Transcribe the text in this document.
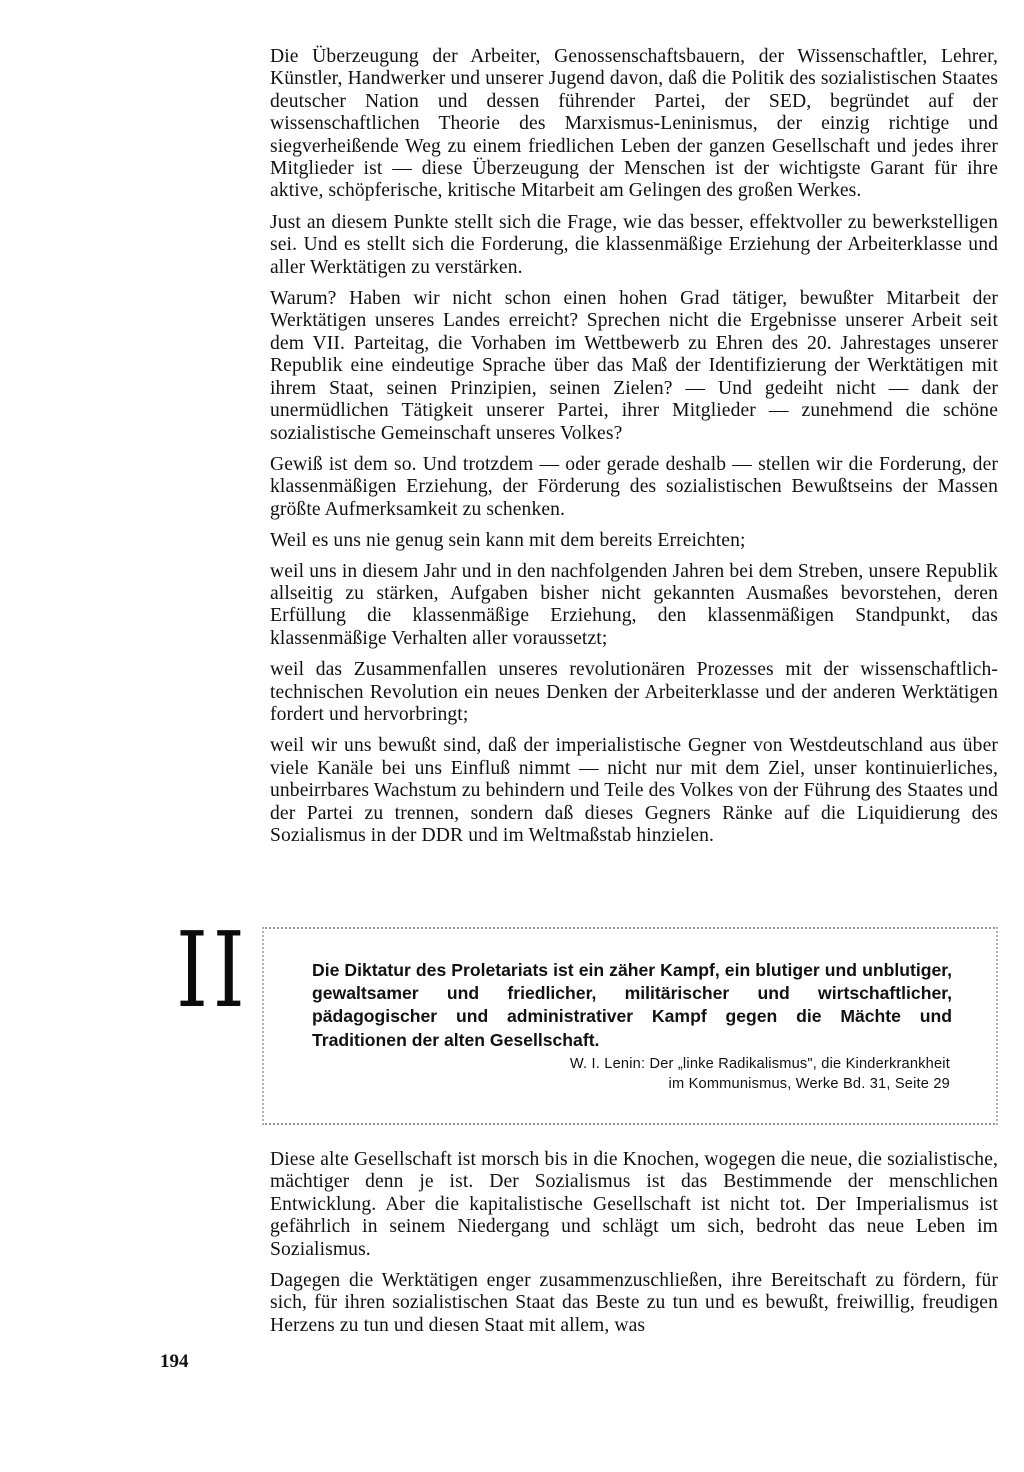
Die Überzeugung der Arbeiter, Genossenschaftsbauern, der Wissenschaftler, Lehrer, Künstler, Handwerker und unserer Jugend davon, daß die Politik des sozialistischen Staates deutscher Nation und dessen führender Partei, der SED, begründet auf der wissenschaftlichen Theorie des Marxismus-Leninismus, der einzig richtige und siegverheißende Weg zu einem friedlichen Leben der ganzen Gesellschaft und jedes ihrer Mitglieder ist — diese Überzeugung der Menschen ist der wichtigste Garant für ihre aktive, schöpferische, kritische Mitarbeit am Gelingen des großen Werkes.

Just an diesem Punkte stellt sich die Frage, wie das besser, effektvoller zu bewerkstelligen sei. Und es stellt sich die Forderung, die klassenmäßige Erziehung der Arbeiterklasse und aller Werktätigen zu verstärken.

Warum? Haben wir nicht schon einen hohen Grad tätiger, bewußter Mitarbeit der Werktätigen unseres Landes erreicht? Sprechen nicht die Ergebnisse unserer Arbeit seit dem VII. Parteitag, die Vorhaben im Wettbewerb zu Ehren des 20. Jahrestages unserer Republik eine eindeutige Sprache über das Maß der Identifizierung der Werktätigen mit ihrem Staat, seinen Prinzipien, seinen Zielen? — Und gedeiht nicht — dank der unermüdlichen Tätigkeit unserer Partei, ihrer Mitglieder — zunehmend die schöne sozialistische Gemeinschaft unseres Volkes?

Gewiß ist dem so. Und trotzdem — oder gerade deshalb — stellen wir die Forderung, der klassenmäßigen Erziehung, der Förderung des sozialistischen Bewußtseins der Massen größte Aufmerksamkeit zu schenken.

Weil es uns nie genug sein kann mit dem bereits Erreichten;

weil uns in diesem Jahr und in den nachfolgenden Jahren bei dem Streben, unsere Republik allseitig zu stärken, Aufgaben bisher nicht gekannten Ausmaßes bevorstehen, deren Erfüllung die klassenmäßige Erziehung, den klassenmäßigen Standpunkt, das klassenmäßige Verhalten aller voraussetzt;

weil das Zusammenfallen unseres revolutionären Prozesses mit der wissenschaftlich-technischen Revolution ein neues Denken der Arbeiterklasse und der anderen Werktätigen fordert und hervorbringt;

weil wir uns bewußt sind, daß der imperialistische Gegner von Westdeutschland aus über viele Kanäle bei uns Einfluß nimmt — nicht nur mit dem Ziel, unser kontinuierliches, unbeirrbares Wachstum zu behindern und Teile des Volkes von der Führung des Staates und der Partei zu trennen, sondern daß dieses Gegners Ränke auf die Liquidierung des Sozialismus in der DDR und im Weltmaßstab hinzielen.

II	Die Diktatur des Proletariats ist ein zäher Kampf, ein blutiger und unblutiger, gewaltsamer und friedlicher, militärischer und wirtschaftlicher, pädagogischer und administrativer Kampf gegen die Mächte und Traditionen der alten Gesellschaft.

W. I. Lenin: Der „linke Radikalismus", die Kinderkrankheit
im Kommunismus, Werke Bd. 31, Seite 29

Diese alte Gesellschaft ist morsch bis in die Knochen, wogegen die neue, die sozialistische, mächtiger denn je ist. Der Sozialismus ist das Bestimmende der menschlichen Entwicklung. Aber die kapitalistische Gesellschaft ist nicht tot. Der Imperialismus ist gefährlich in seinem Niedergang und schlägt um sich, bedroht das neue Leben im Sozialismus.

Dagegen die Werktätigen enger zusammenzuschließen, ihre Bereitschaft zu fördern, für sich, für ihren sozialistischen Staat das Beste zu tun und es bewußt, freiwillig, freudigen Herzens zu tun und diesen Staat mit allem, was

194
